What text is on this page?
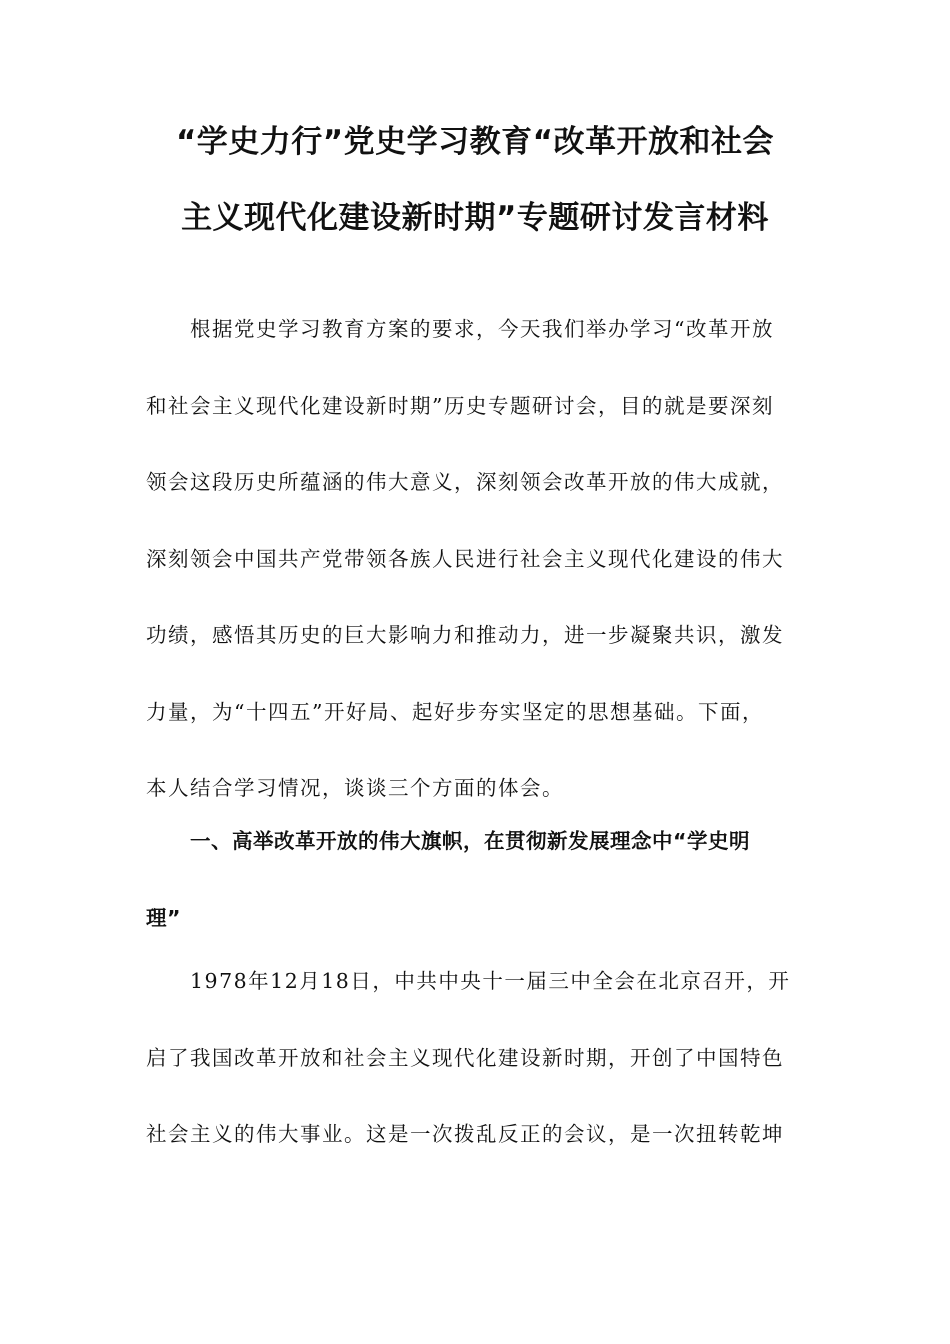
“学史力行”党史学习教育“改革开放和社会
主义现代化建设新时期”专题研讨发言材料
根据党史学习教育方案的要求，今天我们举办学习“改革开放
和社会主义现代化建设新时期”历史专题研讨会，目的就是要深刻
领会这段历史所蕴涵的伟大意义，深刻领会改革开放的伟大成就，
深刻领会中国共产党带领各族人民进行社会主义现代化建设的伟大
功绩，感悟其历史的巨大影响力和推动力，进一步凝聚共识，激发
力量，为“十四五”开好局、起好步夯实坚定的思想基础。下面，
本人结合学习情况，谈谈三个方面的体会。
一、高举改革开放的伟大旗帜，在贯彻新发展理念中“学史明
理”
1978年12月18日，中共中央十一届三中全会在北京召开，开
启了我国改革开放和社会主义现代化建设新时期，开创了中国特色
社会主义的伟大事业。这是一次拨乱反正的会议，是一次扭转乾坤
